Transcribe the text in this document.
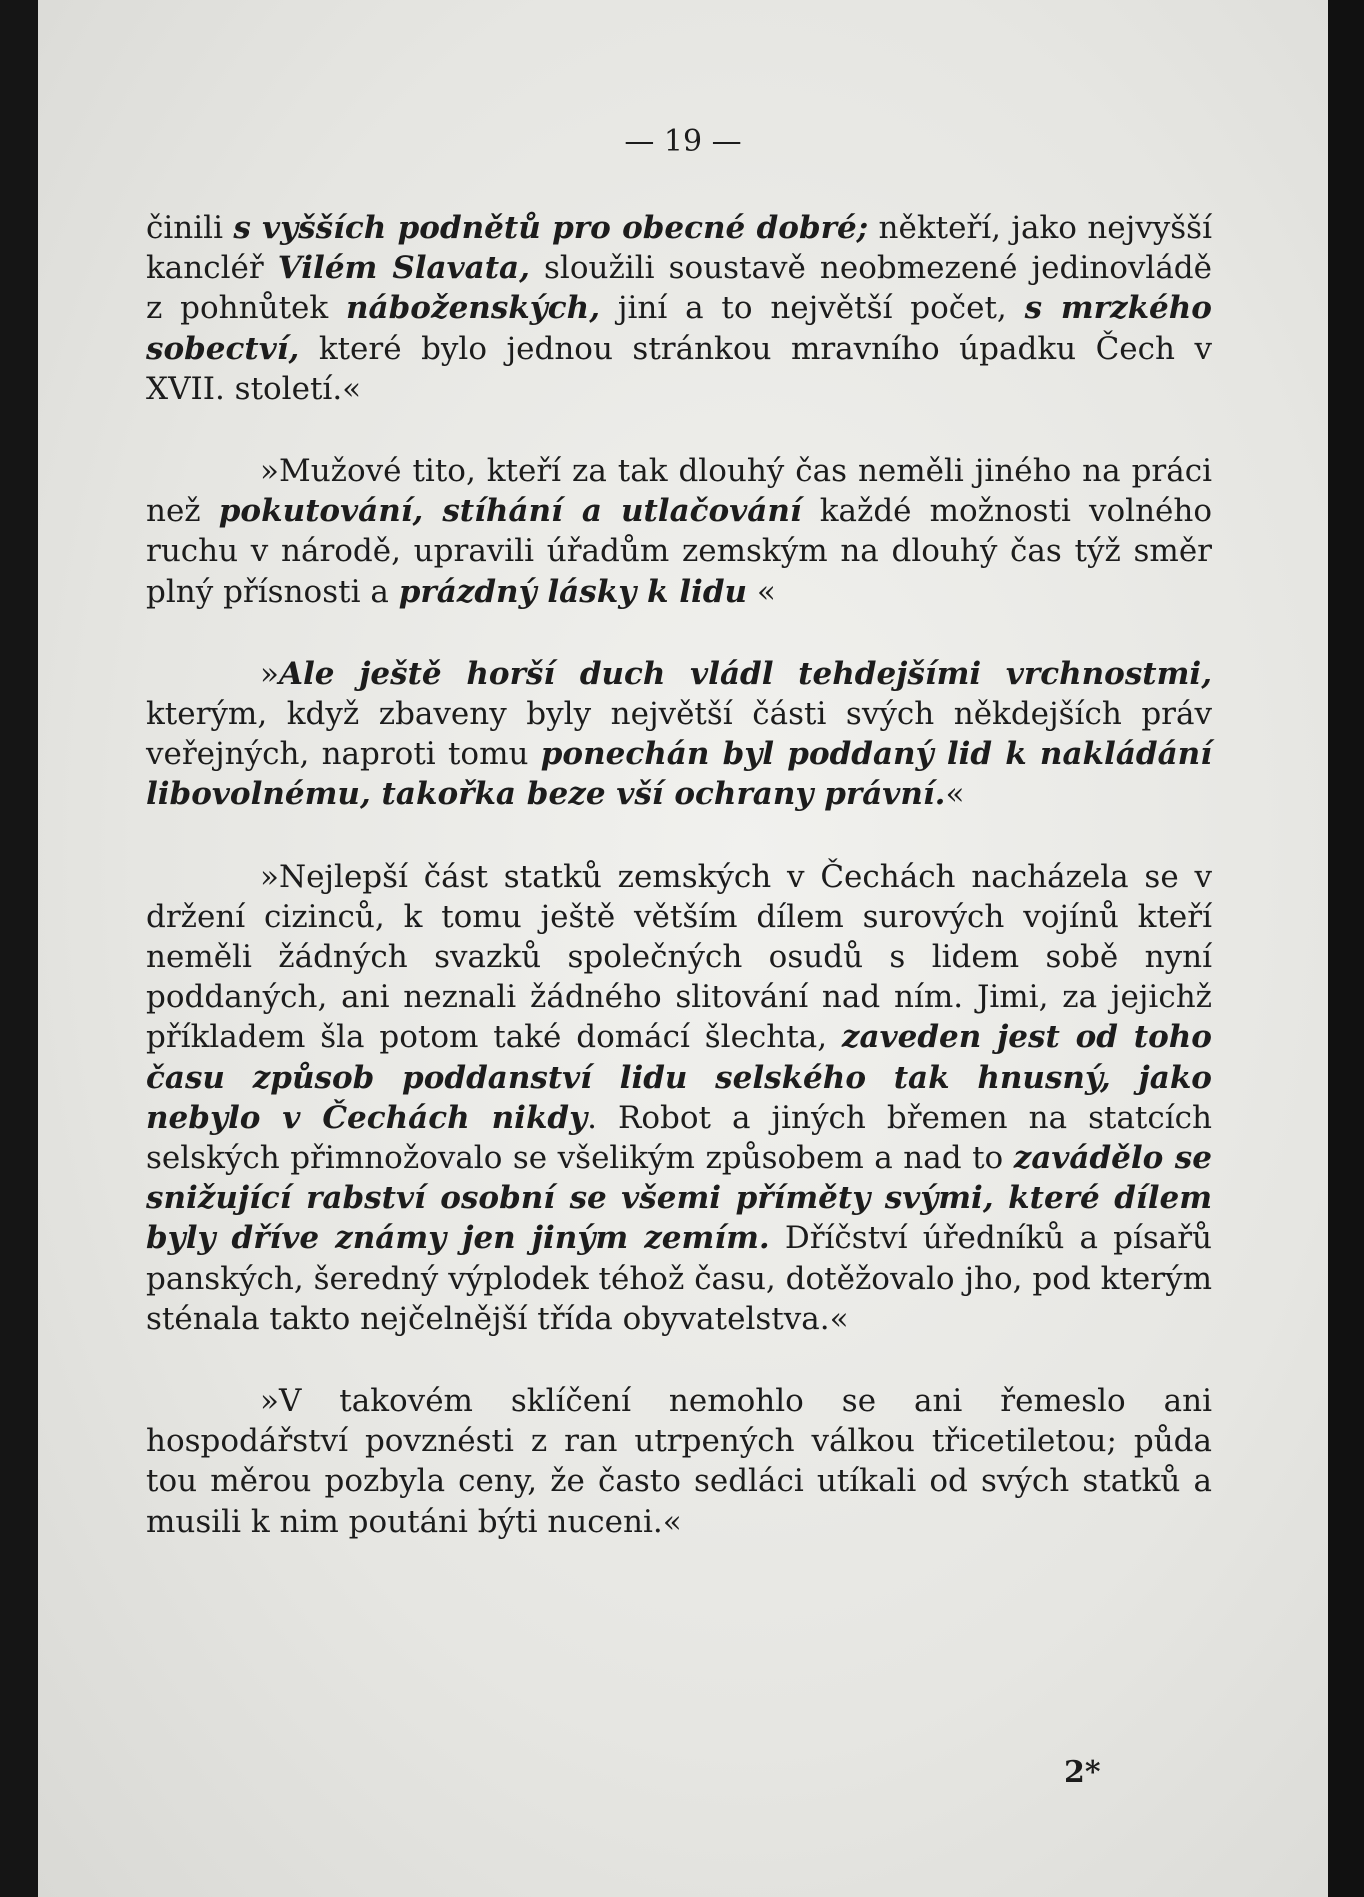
— 19 —

činili s vyšších podnětů pro obecné dobré; někteří, jako nejvyšší kancléř Vilém Slavata, sloužili soustavě neobmezené jedinovládě z pohnůtek náboženských, jiní a to největší počet, s mrzkého sobectví, které bylo jednou stránkou mravního úpadku Čech v XVII. století.«

»Mužové tito, kteří za tak dlouhý čas neměli jiného na práci než pokutování, stíhání a utlačování každé možnosti volného ruchu v národě, upravili úřadům zemským na dlouhý čas týž směr plný přísnosti a prázdný lásky k lidu «

»Ale ještě horší duch vládl tehdejšími vrchnostmi, kterým, když zbaveny byly největší části svých někdejších práv veřejných, naproti tomu ponechán byl poddaný lid k nakládání libovolnému, takořka beze vší ochrany právní.«

»Nejlepší část statků zemských v Čechách nacházela se v držení cizinců, k tomu ještě větším dílem surových vojínů kteří neměli žádných svazků společných osudů s lidem sobě nyní poddaných, ani neznali žádného slitování nad ním. Jimi, za jejichž příkladem šla potom také domácí šlechta, zaveden jest od toho času způsob poddanství lidu selského tak hnusný, jako nebylo v Čechách nikdy. Robot a jiných břemen na statcích selských přimnožovalo se všelikým způsobem a nad to zavádělo se snižující rabství osobní se všemi příměty svými, které dílem byly dříve známy jen jiným zemím. Dříčství úředníků a písařů panských, šeredný výplodek téhož času, dotěžovalo jho, pod kterým sténala takto nejčelnější třída obyvatelstva.«

»V takovém sklíčení nemohlo se ani řemeslo ani hospodářství povznésti z ran utrpených válkou třicetiletou; půda tou měrou pozbyla ceny, že často sedláci utíkali od svých statků a musili k nim poutáni býti nuceni.«

2*
